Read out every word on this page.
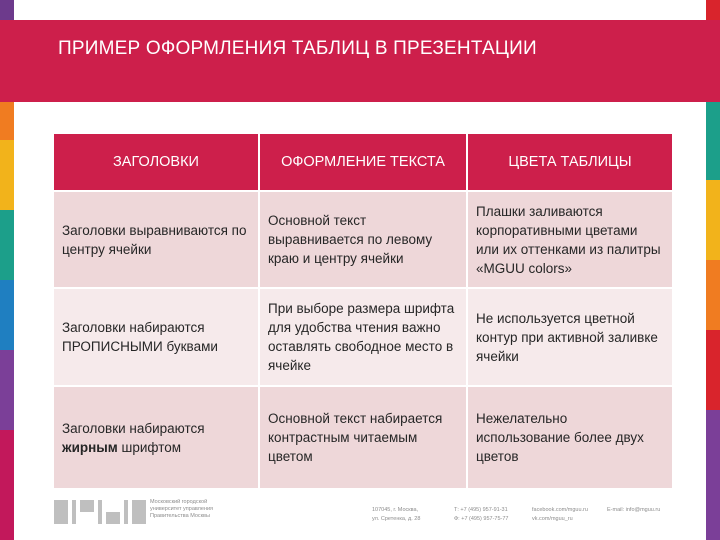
ПРИМЕР ОФОРМЛЕНИЯ ТАБЛИЦ В ПРЕЗЕНТАЦИИ
ЗАГОЛОВКИ	ОФОРМЛЕНИЕ ТЕКСТА	ЦВЕТА ТАБЛИЦЫ
Заголовки выравниваются по центру ячейки	Основной текст выравнивается по левому краю и центру ячейки	Плашки заливаются корпоративными цветами или их оттенками из палитры «MGUU colors»
Заголовки набираются ПРОПИСНЫМИ буквами	При выборе размера шрифта для удобства чтения важно оставлять свободное место в ячейке	Не используется цветной контур при активной заливке ячейки
Заголовки набираются жирным шрифтом	Основной текст набирается контрастным читаемым цветом	Нежелательно использование более двух цветов
Московский городской
университет управления
Правительства Москвы
107045, г. Москва,
ул. Сретенка, д. 28
Т: +7 (495) 957-91-31
Ф: +7 (495) 957-75-77
facebook.com/mguu.ru
vk.com/mguu_ru
E-mail: info@mguu.ru
